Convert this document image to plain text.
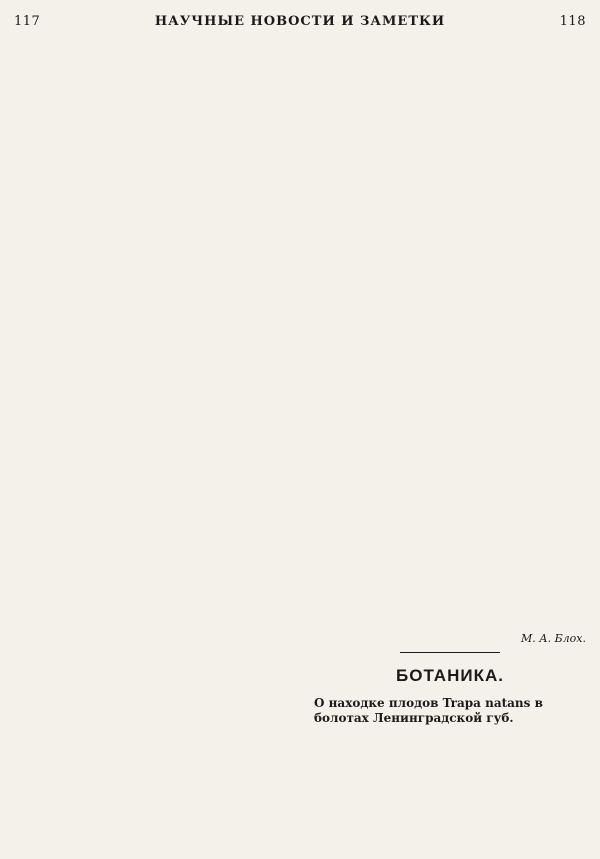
117	НАУЧНЫЕ НОВОСТИ И ЗАМЕТКИ	118
М. А. Блох.
БОТАНИКА.
О находке плодов Trapa natans в болотах Ленинградской губ.
